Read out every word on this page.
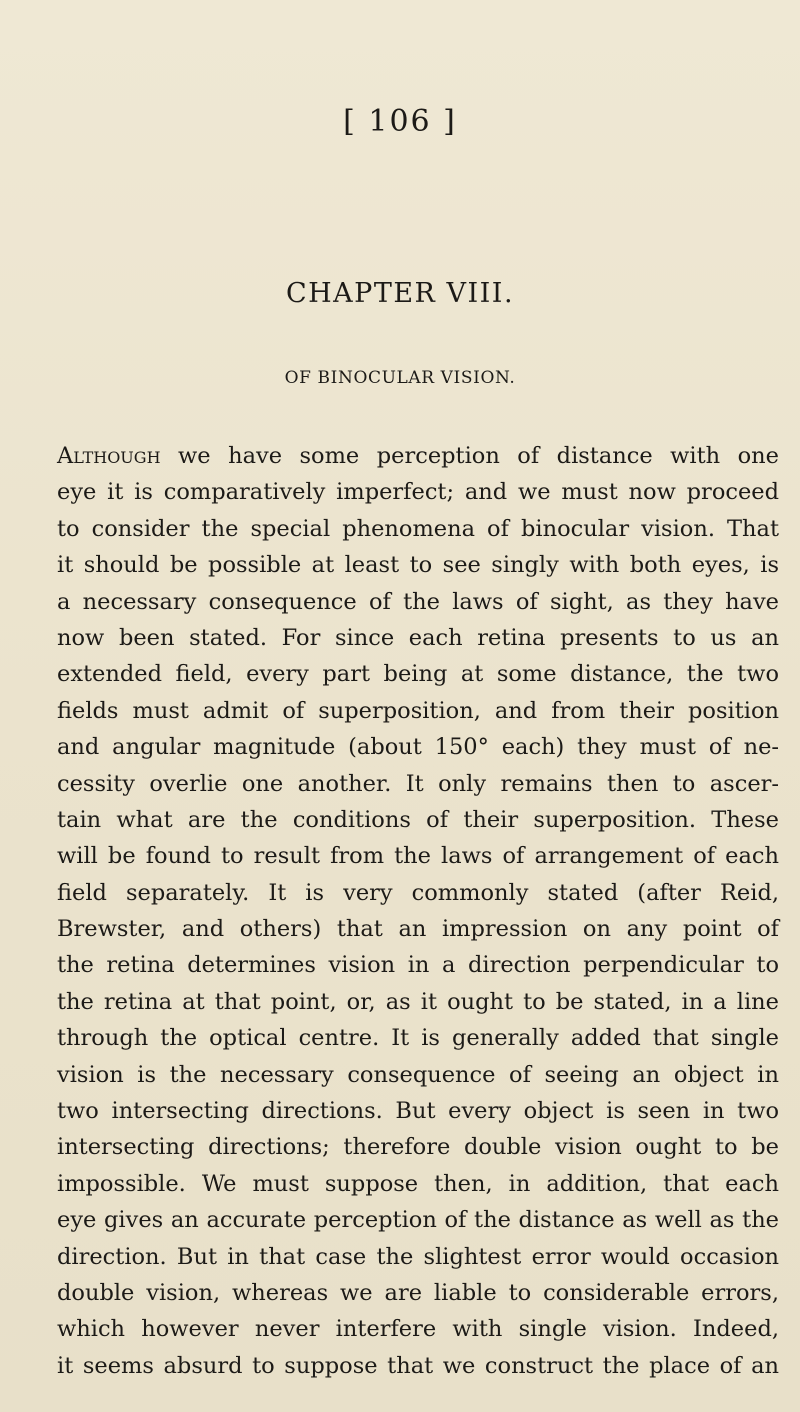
[ 106 ]
CHAPTER VIII.
OF BINOCULAR VISION.
Although we have some perception of distance with one
eye it is comparatively imperfect; and we must now proceed
to consider the special phenomena of binocular vision. That
it should be possible at least to see singly with both eyes, is
a necessary consequence of the laws of sight, as they have
now been stated. For since each retina presents to us an
extended field, every part being at some distance, the two
fields must admit of superposition, and from their position
and angular magnitude (about 150° each) they must of ne-
cessity overlie one another. It only remains then to ascer-
tain what are the conditions of their superposition. These
will be found to result from the laws of arrangement of each
field separately. It is very commonly stated (after Reid,
Brewster, and others) that an impression on any point of
the retina determines vision in a direction perpendicular to
the retina at that point, or, as it ought to be stated, in a line
through the optical centre. It is generally added that single
vision is the necessary consequence of seeing an object in
two intersecting directions. But every object is seen in two
intersecting directions; therefore double vision ought to be
impossible. We must suppose then, in addition, that each
eye gives an accurate perception of the distance as well as the
direction. But in that case the slightest error would occasion
double vision, whereas we are liable to considerable errors,
which however never interfere with single vision. Indeed,
it seems absurd to suppose that we construct the place of an
